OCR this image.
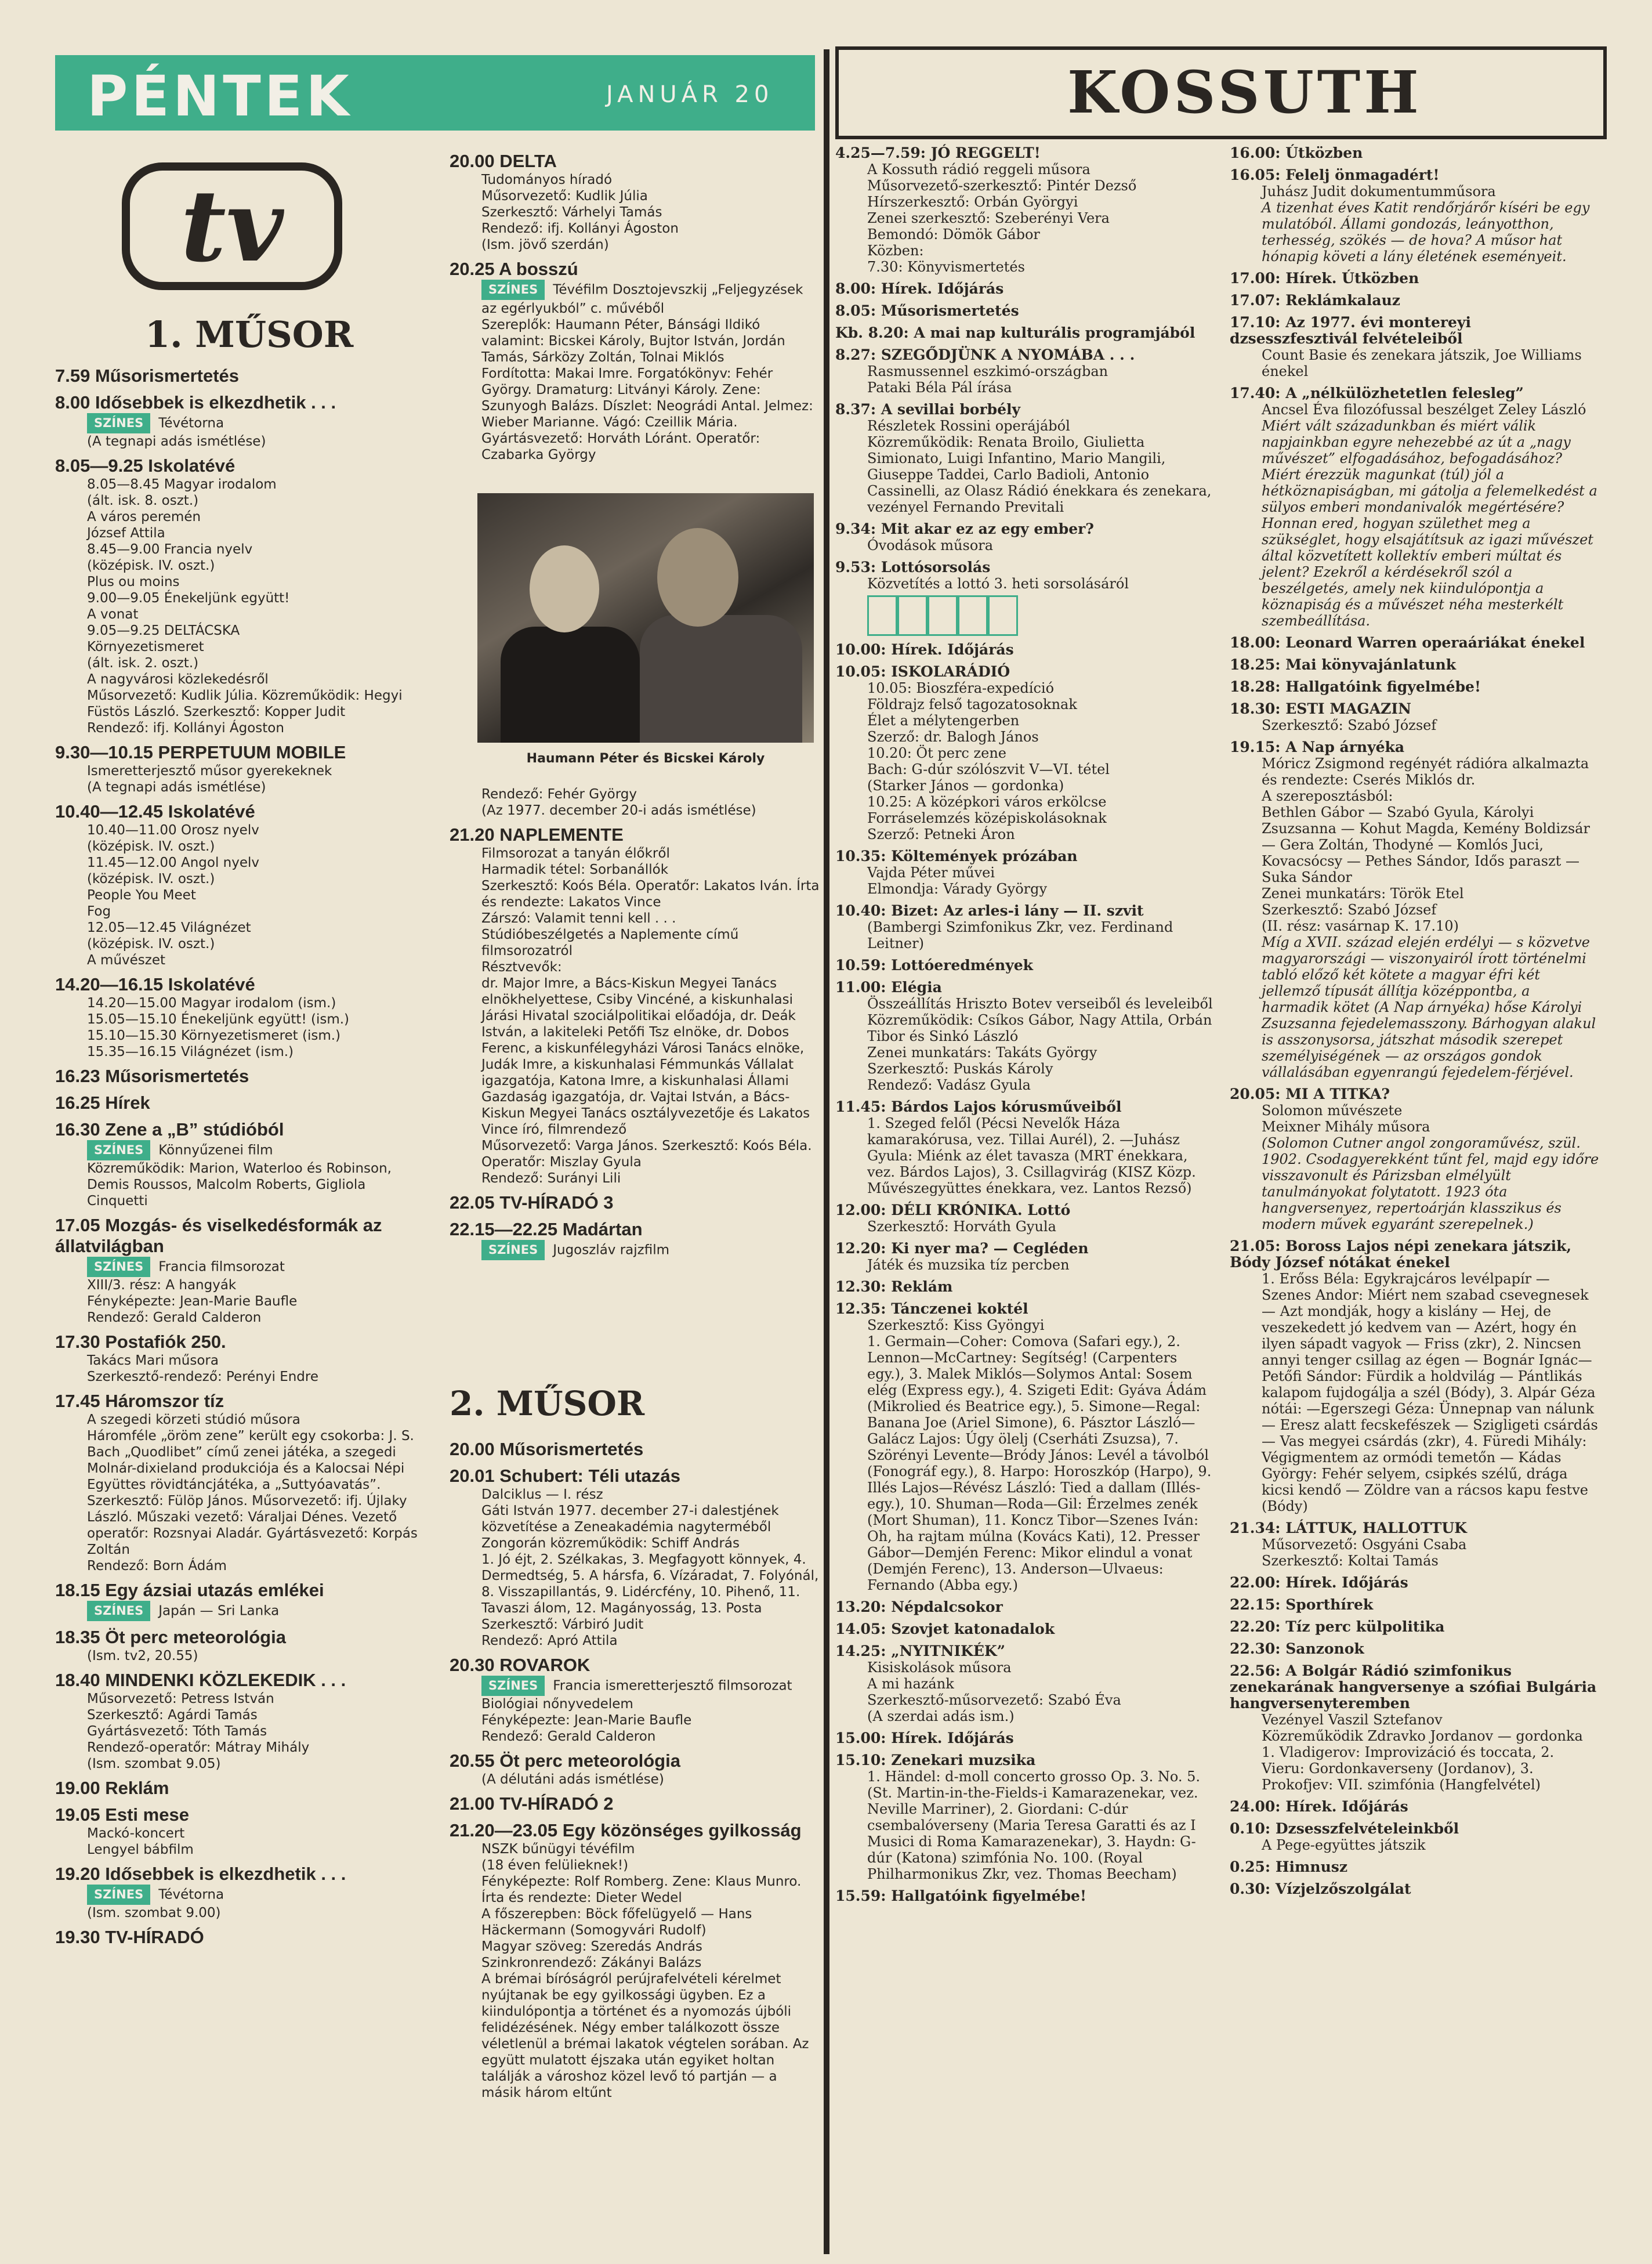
PÉNTEK	JANUÁR 20
tv
1. MŰSOR
7.59 Műsorismertetés
8.00 Idősebbek is elkezdhetik . . .
SZÍNES Tévétorna
(A tegnapi adás ismétlése)
8.05—9.25 Iskolatévé
8.05—8.45 Magyar irodalom
(ált. isk. 8. oszt.)
A város peremén
József Attila
8.45—9.00 Francia nyelv
(középisk. IV. oszt.)
Plus ou moins
9.00—9.05 Énekeljünk együtt!
A vonat
9.05—9.25 DELTÁCSKA
Környezetismeret
(ált. isk. 2. oszt.)
A nagyvárosi közlekedésről
Műsorvezető: Kudlik Júlia. Közreműködik: Hegyi Füstös László. Szerkesztő: Kopper Judit
Rendező: ifj. Kollányi Ágoston
9.30—10.15 PERPETUUM MOBILE
Ismeretterjesztő műsor gyerekeknek
(A tegnapi adás ismétlése)
10.40—12.45 Iskolatévé
10.40—11.00 Orosz nyelv
(középisk. IV. oszt.)
11.45—12.00 Angol nyelv
(középisk. IV. oszt.)
People You Meet
Fog
12.05—12.45 Világnézet
(középisk. IV. oszt.)
A művészet
14.20—16.15 Iskolatévé
14.20—15.00 Magyar irodalom (ism.)
15.05—15.10 Énekeljünk együtt! (ism.)
15.10—15.30 Környezetismeret (ism.)
15.35—16.15 Világnézet (ism.)
16.23 Műsorismertetés
16.25 Hírek
16.30 Zene a „B” stúdióból
SZÍNES Könnyűzenei film
Közreműködik: Marion, Waterloo és Robinson, Demis Roussos, Malcolm Roberts, Gigliola Cinquetti
17.05 Mozgás- és viselkedésformák az állatvilágban
SZÍNES Francia filmsorozat
XIII/3. rész: A hangyák
Fényképezte: Jean-Marie Baufle
Rendező: Gerald Calderon
17.30 Postafiók 250.
Takács Mari műsora
Szerkesztő-rendező: Perényi Endre
17.45 Háromszor tíz
A szegedi körzeti stúdió műsora
Háromféle „öröm zene” került egy csokorba: J. S. Bach „Quodlibet” című zenei játéka, a szegedi Molnár-dixieland produkciója és a Kalocsai Népi Együttes rövidtáncjátéka, a „Suttyóavatás”.
Szerkesztő: Fülöp János. Műsorvezető: ifj. Újlaky László. Műszaki vezető: Váraljai Dénes. Vezető operatőr: Rozsnyai Aladár. Gyártásvezető: Korpás Zoltán
Rendező: Born Ádám
18.15 Egy ázsiai utazás emlékei
SZÍNES Japán — Sri Lanka
18.35 Öt perc meteorológia
(Ism. tv2, 20.55)
18.40 MINDENKI KÖZLEKEDIK . . .
Műsorvezető: Petress István
Szerkesztő: Agárdi Tamás
Gyártásvezető: Tóth Tamás
Rendező-operatőr: Mátray Mihály
(Ism. szombat 9.05)
19.00 Reklám
19.05 Esti mese
Mackó-koncert
Lengyel bábfilm
19.20 Idősebbek is elkezdhetik . . .
SZÍNES Tévétorna
(Ism. szombat 9.00)
19.30 TV-HÍRADÓ
20.00 DELTA
Tudományos híradó
Műsorvezető: Kudlik Júlia
Szerkesztő: Várhelyi Tamás
Rendező: ifj. Kollányi Ágoston
(Ism. jövő szerdán)
20.25 A bosszú
SZÍNES Tévéfilm Dosztojevszkij „Feljegyzések az egérlyukból” c. művéből
Szereplők: Haumann Péter, Bánsági Ildikó valamint: Bicskei Károly, Bujtor István, Jordán Tamás, Sárközy Zoltán, Tolnai Miklós
Fordította: Makai Imre. Forgatókönyv: Fehér György. Dramaturg: Litványi Károly. Zene: Szunyogh Balázs. Díszlet: Neográdi Antal. Jelmez: Wieber Marianne. Vágó: Czeillik Mária. Gyártásvezető: Horváth Lóránt. Operatőr: Czabarka György
Haumann Péter és Bicskei Károly
Rendező: Fehér György
(Az 1977. december 20-i adás ismétlése)
21.20 NAPLEMENTE
Filmsorozat a tanyán élőkről
Harmadik tétel: Sorbanállók
Szerkesztő: Koós Béla. Operatőr: Lakatos Iván. Írta és rendezte: Lakatos Vince
Zárszó: Valamit tenni kell . . .
Stúdióbeszélgetés a Naplemente című filmsorozatról
Résztvevők:
dr. Major Imre, a Bács-Kiskun Megyei Tanács elnökhelyettese, Csiby Vincéné, a kiskunhalasi Járási Hivatal szociálpolitikai előadója, dr. Deák István, a lakiteleki Petőfi Tsz elnöke, dr. Dobos Ferenc, a kiskunfélegyházi Városi Tanács elnöke, Judák Imre, a kiskunhalasi Fémmunkás Vállalat igazgatója, Katona Imre, a kiskunhalasi Állami Gazdaság igazgatója, dr. Vajtai István, a Bács-Kiskun Megyei Tanács osztályvezetője és Lakatos Vince író, filmrendező
Műsorvezető: Varga János. Szerkesztő: Koós Béla. Operatőr: Miszlay Gyula
Rendező: Surányi Lili
22.05 TV-HÍRADÓ 3
22.15—22.25 Madártan
SZÍNES Jugoszláv rajzfilm
2. MŰSOR
20.00 Műsorismertetés
20.01 Schubert: Téli utazás
Dalciklus — I. rész
Gáti István 1977. december 27-i dalestjének közvetítése a Zeneakadémia nagyterméből
Zongorán közreműködik: Schiff András
1. Jó éjt, 2. Szélkakas, 3. Megfagyott könnyek, 4. Dermedtség, 5. A hársfa, 6. Vízáradat, 7. Folyónál, 8. Visszapillantás, 9. Lidércfény, 10. Pihenő, 11. Tavaszi álom, 12. Magányosság, 13. Posta
Szerkesztő: Várbiró Judit
Rendező: Apró Attila
20.30 ROVAROK
SZÍNES Francia ismeretterjesztő filmsorozat
Biológiai nőnyvedelem
Fényképezte: Jean-Marie Baufle
Rendező: Gerald Calderon
20.55 Öt perc meteorológia
(A délutáni adás ismétlése)
21.00 TV-HÍRADÓ 2
21.20—23.05 Egy közönséges gyilkosság
NSZK bűnügyi tévéfilm
(18 éven felülieknek!)
Fényképezte: Rolf Romberg. Zene: Klaus Munro. Írta és rendezte: Dieter Wedel
A főszerepben: Böck főfelügyelő — Hans Häckermann (Somogyvári Rudolf)
Magyar szöveg: Szeredás András
Szinkronrendező: Zákányi Balázs
A brémai bíróságról perújrafelvételi kérelmet nyújtanak be egy gyilkossági ügyben. Ez a kiindulópontja a történet és a nyomozás újbóli felidézésének. Négy ember találkozott össze véletlenül a brémai lakatok végtelen sorában. Az együtt mulatott éjszaka után egyiket holtan találják a városhoz közel levő tó partján — a másik három eltűnt
KOSSUTH
4.25—7.59: JÓ REGGELT!
A Kossuth rádió reggeli műsora
Műsorvezető-szerkesztő: Pintér Dezső
Hírszerkesztő: Orbán Györgyi
Zenei szerkesztő: Szeberényi Vera
Bemondó: Dömök Gábor
Közben:
7.30: Könyvismertetés
8.00: Hírek. Időjárás
8.05: Műsorismertetés
Kb. 8.20: A mai nap kulturális programjából
8.27: SZEGŐDJÜNK A NYOMÁBA . . .
Rasmussennel eszkimó-országban
Pataki Béla Pál írása
8.37: A sevillai borbély
Részletek Rossini operájából
Közreműködik: Renata Broilo, Giulietta Simionato, Luigi Infantino, Mario Mangili, Giuseppe Taddei, Carlo Badioli, Antonio Cassinelli, az Olasz Rádió énekkara és zenekara, vezényel Fernando Previtali
9.34: Mit akar ez az egy ember?
Óvodások műsora
9.53: Lottósorsolás
Közvetítés a lottó 3. heti sorsolásáról
10.00: Hírek. Időjárás
10.05: ISKOLARÁDIÓ
10.05: Bioszféra-expedíció
Földrajz felső tagozatosoknak
Élet a mélytengerben
Szerző: dr. Balogh János
10.20: Öt perc zene
Bach: G-dúr szólószvit V—VI. tétel
(Starker János — gordonka)
10.25: A középkori város erkölcse
Forráselemzés középiskolásoknak
Szerző: Petneki Áron
10.35: Költemények prózában
Vajda Péter művei
Elmondja: Várady György
10.40: Bizet: Az arles-i lány — II. szvit
(Bambergi Szimfonikus Zkr, vez. Ferdinand Leitner)
10.59: Lottóeredmények
11.00: Elégia
Összeállítás Hriszto Botev verseiből és leveleiből
Közreműködik: Csíkos Gábor, Nagy Attila, Orbán Tibor és Sinkó László
Zenei munkatárs: Takáts György
Szerkesztő: Puskás Károly
Rendező: Vadász Gyula
11.45: Bárdos Lajos kórusműveiből
1. Szeged felől (Pécsi Nevelők Háza kamarakórusa, vez. Tillai Aurél), 2. —Juhász Gyula: Miénk az élet tavasza (MRT énekkara, vez. Bárdos Lajos), 3. Csillagvirág (KISZ Közp. Művészegyüttes énekkara, vez. Lantos Rezső)
12.00: DÉLI KRÓNIKA. Lottó
Szerkesztő: Horváth Gyula
12.20: Ki nyer ma? — Cegléden
Játék és muzsika tíz percben
12.30: Reklám
12.35: Tánczenei koktél
Szerkesztő: Kiss Gyöngyi
1. Germain—Coher: Comova (Safari egy.), 2. Lennon—McCartney: Segítség! (Carpenters egy.), 3. Malek Miklós—Solymos Antal: Sosem elég (Express egy.), 4. Szigeti Edit: Gyáva Ádám (Mikrolied és Beatrice egy.), 5. Simone—Regal: Banana Joe (Ariel Simone), 6. Pásztor László—Galácz Lajos: Úgy ölelj (Cserháti Zsuzsa), 7. Szörényi Levente—Bródy János: Levél a távolból (Fonográf egy.), 8. Harpo: Horoszkóp (Harpo), 9. Illés Lajos—Révész László: Tied a dallam (Illés-egy.), 10. Shuman—Roda—Gil: Érzelmes zenék (Mort Shuman), 11. Koncz Tibor—Szenes Iván: Oh, ha rajtam múlna (Kovács Kati), 12. Presser Gábor—Demjén Ferenc: Mikor elindul a vonat (Demjén Ferenc), 13. Anderson—Ulvaeus: Fernando (Abba egy.)
13.20: Népdalcsokor
14.05: Szovjet katonadalok
14.25: „NYITNIKÉK”
Kisiskolások műsora
A mi hazánk
Szerkesztő-műsorvezető: Szabó Éva
(A szerdai adás ism.)
15.00: Hírek. Időjárás
15.10: Zenekari muzsika
1. Händel: d-moll concerto grosso Op. 3. No. 5. (St. Martin-in-the-Fields-i Kamarazenekar, vez. Neville Marriner), 2. Giordani: C-dúr csembalóverseny (Maria Teresa Garatti és az I Musici di Roma Kamarazenekar), 3. Haydn: G-dúr (Katona) szimfónia No. 100. (Royal Philharmonikus Zkr, vez. Thomas Beecham)
15.59: Hallgatóink figyelmébe!
16.00: Útközben
16.05: Felelj önmagadért!
Juhász Judit dokumentumműsora
A tizenhat éves Katit rendőrjárőr kíséri be egy mulatóból. Állami gondozás, leányotthon, terhesség, szökés — de hova? A műsor hat hónapig követi a lány életének eseményeit.
17.00: Hírek. Útközben
17.07: Reklámkalauz
17.10: Az 1977. évi montereyi dzsesszfesztivál felvételeiből
Count Basie és zenekara játszik, Joe Williams énekel
17.40: A „nélkülözhetetlen felesleg”
Ancsel Éva filozófussal beszélget Zeley László
Miért vált századunkban és miért válik napjainkban egyre nehezebbé az út a „nagy művészet” elfogadásához, befogadásához? Miért érezzük magunkat (túl) jól a hétköznapiságban, mi gátolja a felemelkedést a sülyos emberi mondanivalók megértésére? Honnan ered, hogyan születhet meg a szükséglet, hogy elsajátítsuk az igazi művészet által közvetített kollektív emberi múltat és jelent? Ezekről a kérdésekről szól a beszélgetés, amely nek kiindulópontja a köznapiság és a művészet néha mesterkélt szembeállítása.
18.00: Leonard Warren operaáriákat énekel
18.25: Mai könyvajánlatunk
18.28: Hallgatóink figyelmébe!
18.30: ESTI MAGAZIN
Szerkesztő: Szabó József
19.15: A Nap árnyéka
Móricz Zsigmond regényét rádióra alkalmazta és rendezte: Cserés Miklós dr.
A szereposztásból:
Bethlen Gábor — Szabó Gyula, Károlyi Zsuzsanna — Kohut Magda, Kemény Boldizsár — Gera Zoltán, Thodyné — Komlós Juci, Kovacsócsy — Pethes Sándor, Idős paraszt — Suka Sándor
Zenei munkatárs: Török Etel
Szerkesztő: Szabó József
(II. rész: vasárnap K. 17.10)
Míg a XVII. század elején erdélyi — s közvetve magyarországi — viszonyairól írott történelmi tabló előző két kötete a magyar éfri két jellemző típusát állítja középpontba, a harmadik kötet (A Nap árnyéka) hőse Károlyi Zsuzsanna fejedelemasszony. Bárhogyan alakul is asszonysorsa, játszhat második szerepet személyiségének — az országos gondok vállalásában egyenrangú fejedelem-férjével.
20.05: MI A TITKA?
Solomon művészete
Meixner Mihály műsora
(Solomon Cutner angol zongoraművész, szül. 1902. Csodagyerekként tűnt fel, majd egy időre visszavonult és Párizsban elmélyült tanulmányokat folytatott. 1923 óta hangversenyez, repertoárján klasszikus és modern művek egyaránt szerepelnek.)
21.05: Boross Lajos népi zenekara játszik, Bódy József nótákat énekel
1. Erőss Béla: Egykrajcáros levélpapír — Szenes Andor: Miért nem szabad csevegnesek — Azt mondják, hogy a kislány — Hej, de veszekedett jó kedvem van — Azért, hogy én ilyen sápadt vagyok — Friss (zkr), 2. Nincsen annyi tenger csillag az égen — Bognár Ignác—Petőfi Sándor: Fürdik a holdvilág — Pántlikás kalapom fujdogálja a szél (Bódy), 3. Alpár Géza nótái: —Egerszegi Géza: Ünnepnap van nálunk — Eresz alatt fecskefészek — Szigligeti csárdás — Vas megyei csárdás (zkr), 4. Füredi Mihály: Végigmentem az ormódi temetőn — Kádas György: Fehér selyem, csipkés szélű, drága kicsi kendő — Zöldre van a rácsos kapu festve (Bódy)
21.34: LÁTTUK, HALLOTTUK
Műsorvezető: Osgyáni Csaba
Szerkesztő: Koltai Tamás
22.00: Hírek. Időjárás
22.15: Sporthírek
22.20: Tíz perc külpolitika
22.30: Sanzonok
22.56: A Bolgár Rádió szimfonikus zenekarának hangversenye a szófiai Bulgária hangversenyteremben
Vezényel Vaszil Sztefanov
Közreműködik Zdravko Jordanov — gordonka
1. Vladigerov: Improvizáció és toccata, 2. Vieru: Gordonkaverseny (Jordanov), 3. Prokofjev: VII. szimfónia (Hangfelvétel)
24.00: Hírek. Időjárás
0.10: Dzsesszfelvételeinkből
A Pege-együttes játszik
0.25: Himnusz
0.30: Vízjelzőszolgálat
